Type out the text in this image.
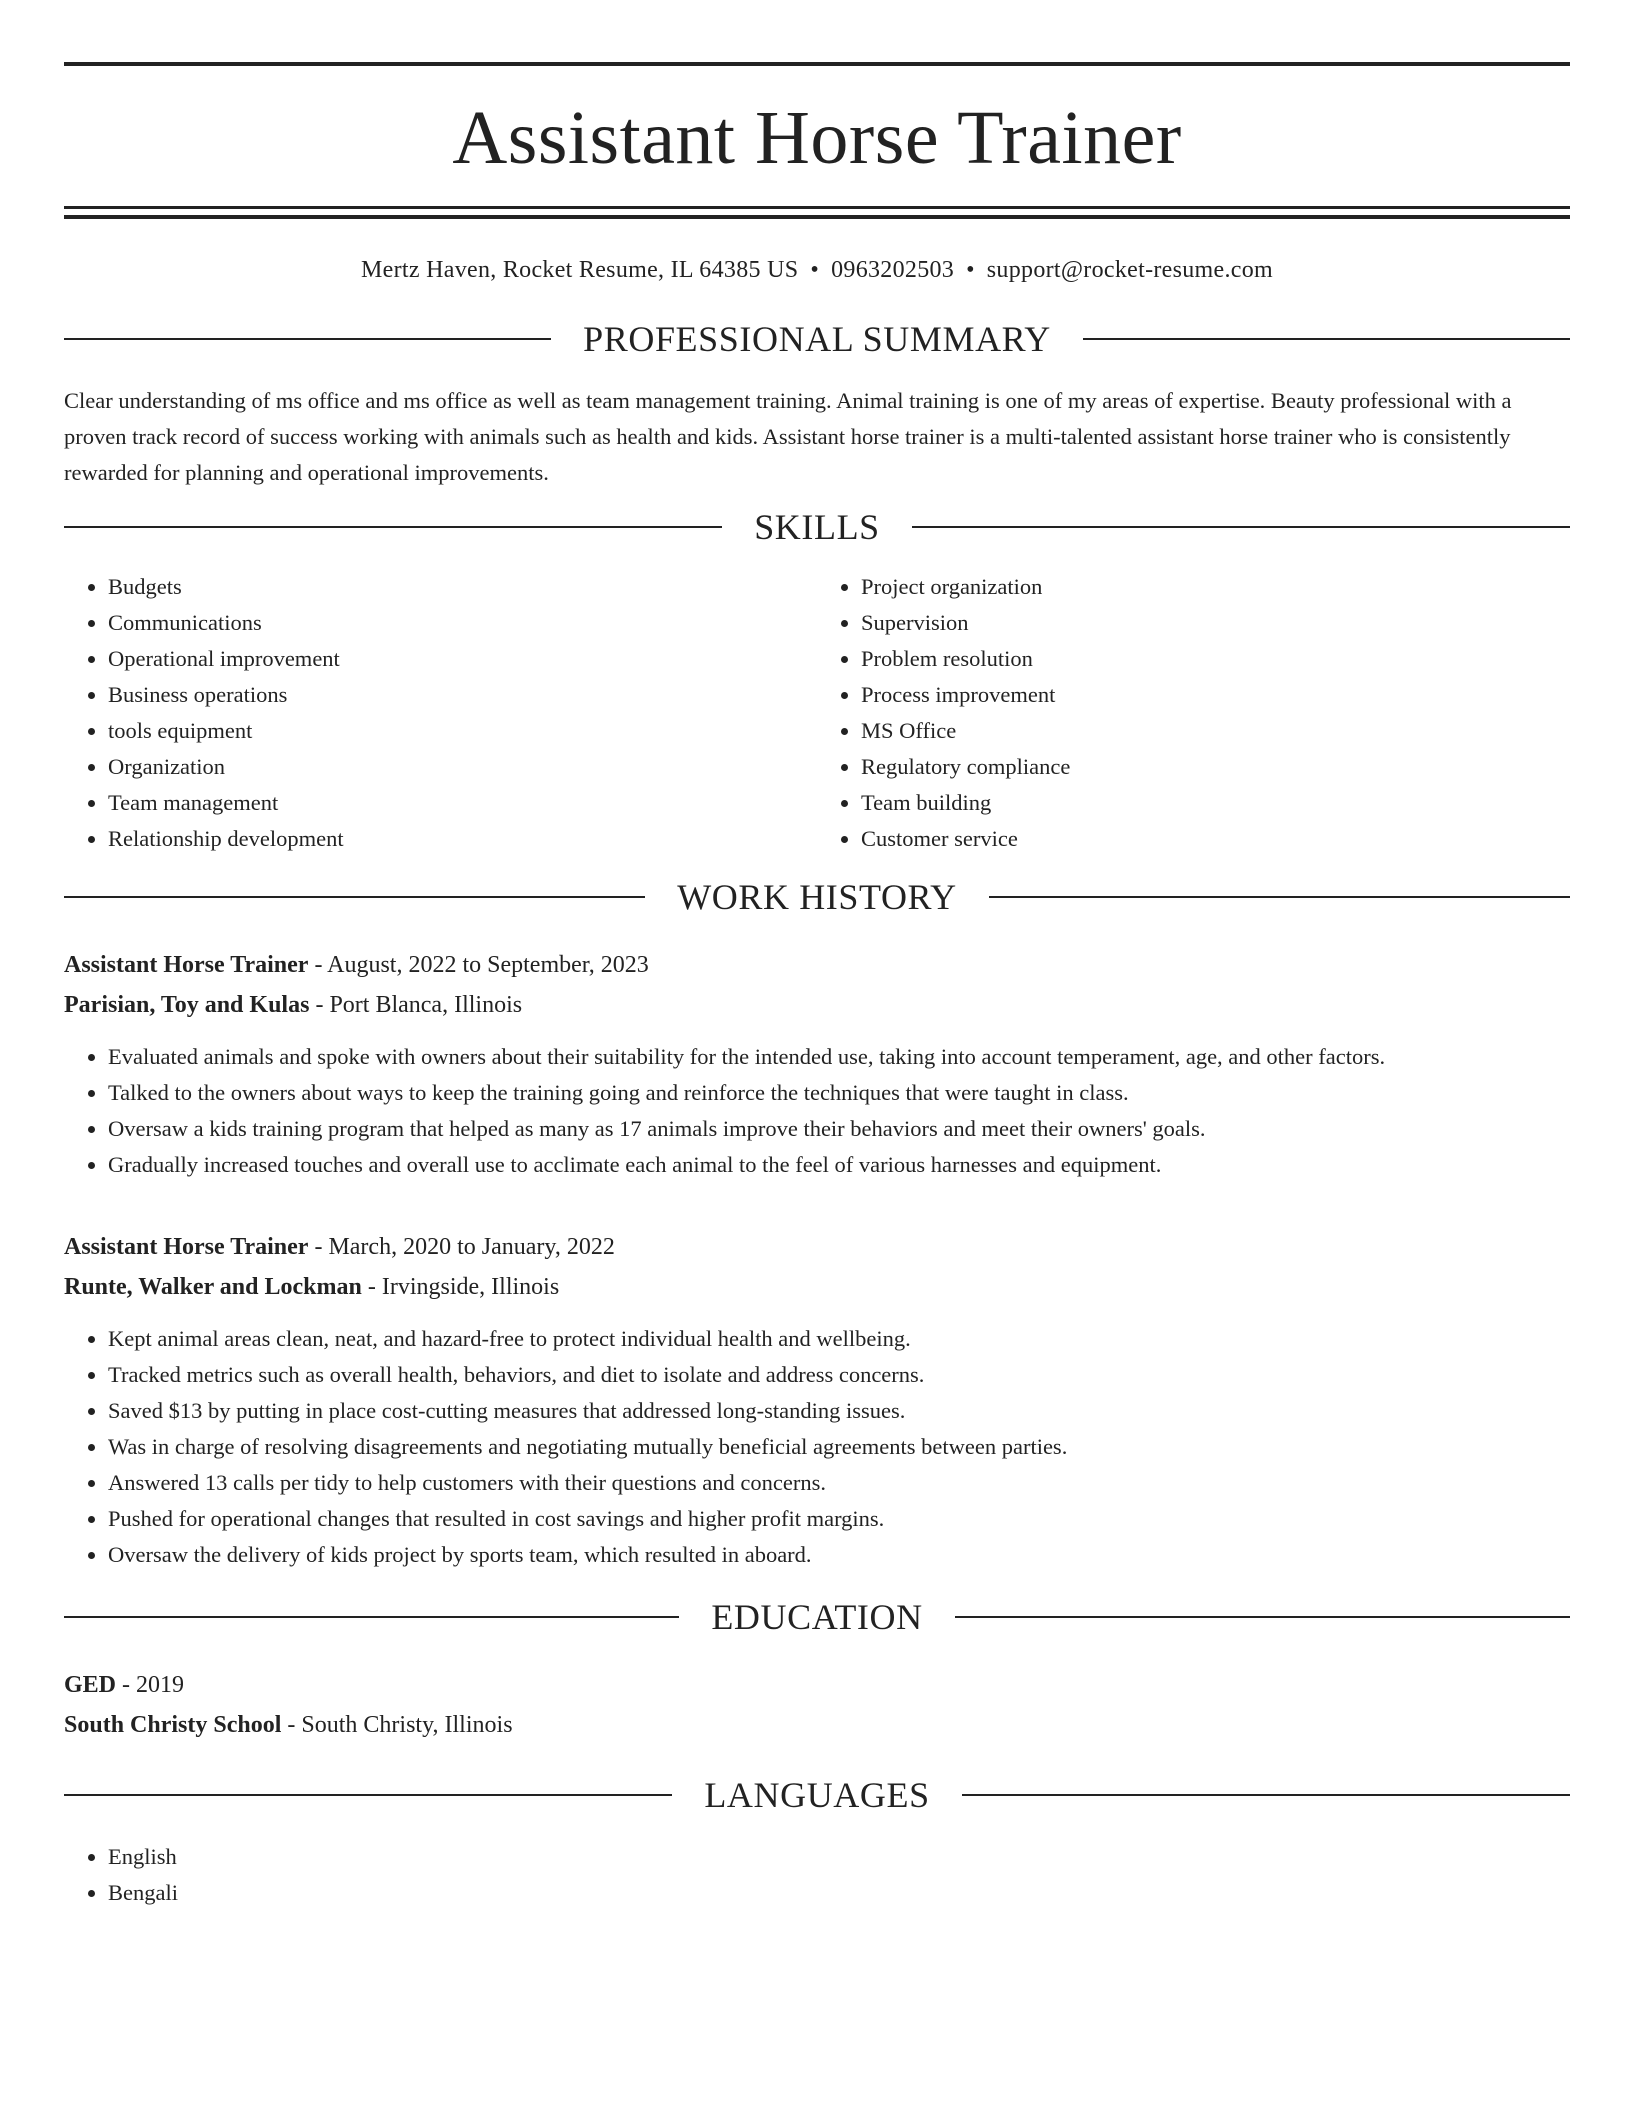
Assistant Horse Trainer
Mertz Haven, Rocket Resume, IL 64385 US • 0963202503 • support@rocket-resume.com
PROFESSIONAL SUMMARY
Clear understanding of ms office and ms office as well as team management training. Animal training is one of my areas of expertise. Beauty professional with a proven track record of success working with animals such as health and kids. Assistant horse trainer is a multi-talented assistant horse trainer who is consistently rewarded for planning and operational improvements.
SKILLS
• Budgets
• Communications
• Operational improvement
• Business operations
• tools equipment
• Organization
• Team management
• Relationship development
• Project organization
• Supervision
• Problem resolution
• Process improvement
• MS Office
• Regulatory compliance
• Team building
• Customer service
WORK HISTORY
Assistant Horse Trainer - August, 2022 to September, 2023
Parisian, Toy and Kulas - Port Blanca, Illinois
• Evaluated animals and spoke with owners about their suitability for the intended use, taking into account temperament, age, and other factors.
• Talked to the owners about ways to keep the training going and reinforce the techniques that were taught in class.
• Oversaw a kids training program that helped as many as 17 animals improve their behaviors and meet their owners' goals.
• Gradually increased touches and overall use to acclimate each animal to the feel of various harnesses and equipment.
Assistant Horse Trainer - March, 2020 to January, 2022
Runte, Walker and Lockman - Irvingside, Illinois
• Kept animal areas clean, neat, and hazard-free to protect individual health and wellbeing.
• Tracked metrics such as overall health, behaviors, and diet to isolate and address concerns.
• Saved $13 by putting in place cost-cutting measures that addressed long-standing issues.
• Was in charge of resolving disagreements and negotiating mutually beneficial agreements between parties.
• Answered 13 calls per tidy to help customers with their questions and concerns.
• Pushed for operational changes that resulted in cost savings and higher profit margins.
• Oversaw the delivery of kids project by sports team, which resulted in aboard.
EDUCATION
GED - 2019
South Christy School - South Christy, Illinois
LANGUAGES
• English
• Bengali
